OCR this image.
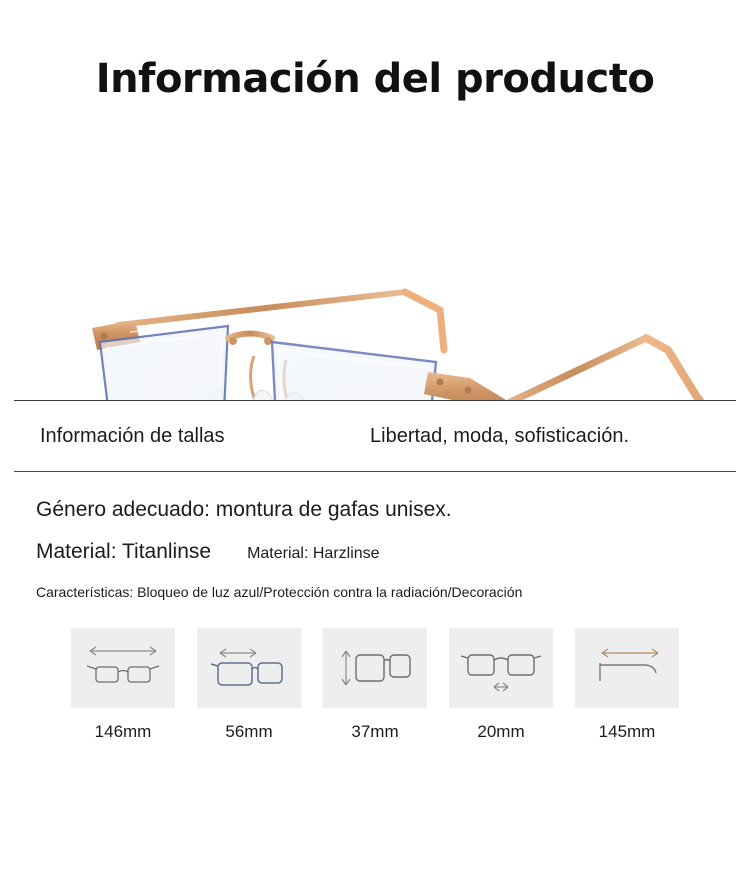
Información del producto
Información de tallas	Libertad, moda, sofisticación.
Género adecuado: montura de gafas unisex.
Material: Titanlinse Material: Harzlinse
Características: Bloqueo de luz azul/Protección contra la radiación/Decoración
146mm	56mm	37mm	20mm	145mm
